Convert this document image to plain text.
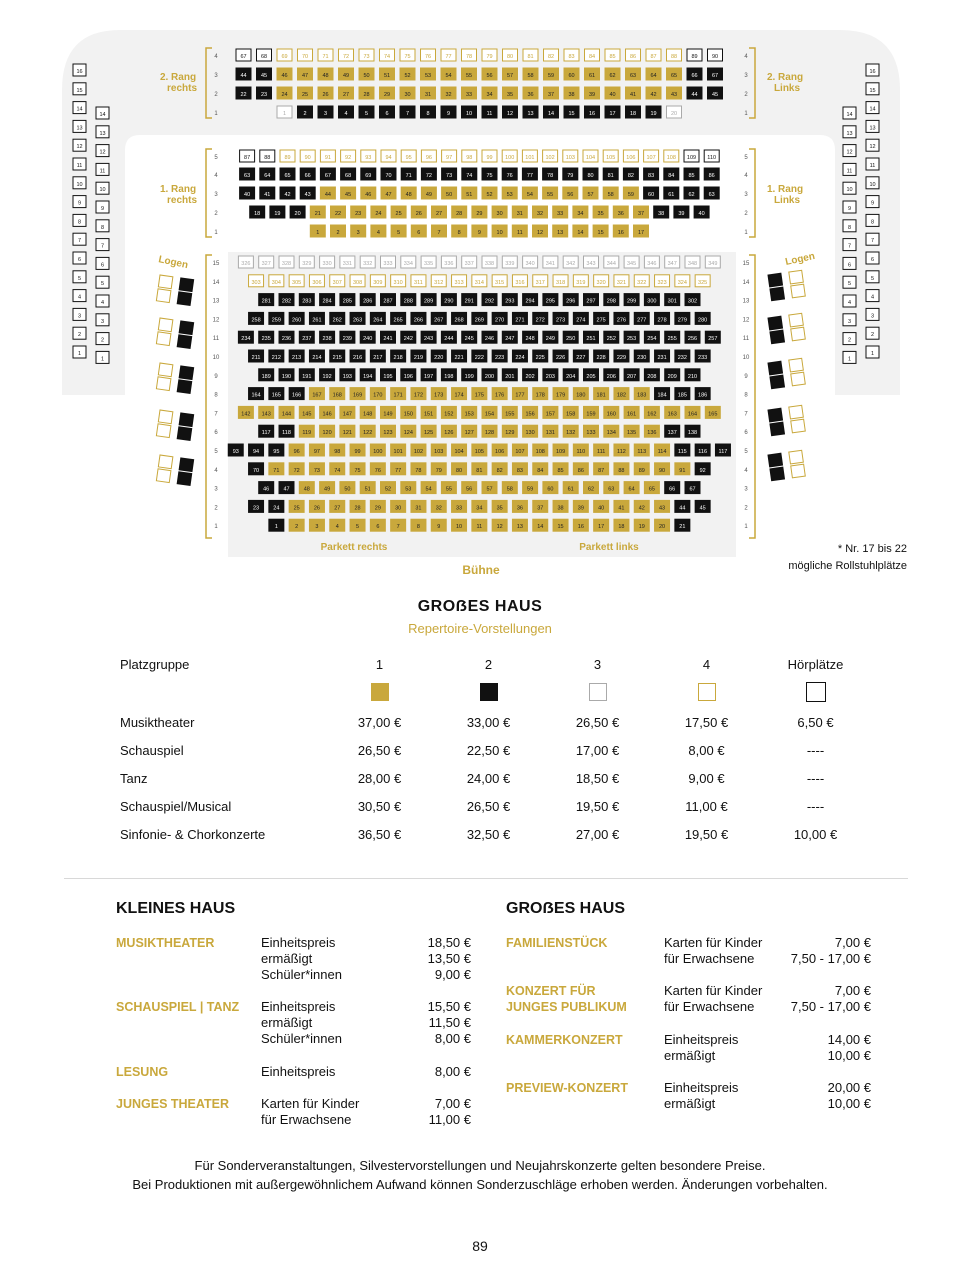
67	68	69	70	71	72	73	74	75	76	77	78	79	80	81	82	83	84	85	86	87	88	89	90
44	45	46	47	48	49	50	51	52	53	54	55	56	57	58	59	60	61	62	63	64	65	66	67
22	23	24	25	26	27	28	29	30	31	32	33	34	35	36	37	38	39	40	41	42	43	44	45
1	2	3	4	5	6	7	8	9	10	11	12	13	14	15	16	17	18	19	20
87	88	89	90	91	92	93	94	95	96	97	98	99 100 101 102 103 104 105 106 107 108 109 110
63	64	65	66	67	68	69	70	71	72	73	74	75	76	77	78	79	80	81	82	83	84	85	86
40	41	42	43	44	45	46	47	48	49	50	51	52	53	54	55	56	57	58	59	60	61	62	63
18	19	20	21	22	23	24	25	26	27	28	29	30	31	32	33	34	35	36	37	38	39	40
1	2	3	4	5	6	7	8	9	10	11	12	13	14	15	16	17
326 327 328 329 330 331 332 333 334 335 336 337 338 339 340 341 342 343 344 345 346 347 348 349
303 304 305 306 307 308 309 310 311 312 313 314 315 316 317 318 319 320 321 322 323 324 325
281 282 283 284 285 286 287 288 289 290 291 292 293 294 295 296 297 298 299 300 301 302
258 259 260 261 262 263 264 265 266 267 268 269 270 271 272 273 274 275 276 277 278 279 280
234 235 236 237 238 239 240 241 242 243 244 245 246 247 248 249 250 251 252 253 254 255 256 257
211 212 213 214 215 216 217 218 219 220 221 222 223 224 225 226 227 228 229 230 231 232 233
189 190 191 192 193 194 195 196 197 198 199 200 201 202 203 204 205 206 207 208 209 210
164 165 166 167 168 169 170 171 172 173 174 175 176 177 178 179 180 181 182 183 184 185 186
142 143 144 145 146 147 148 149 150 151 152 153 154 155 156 157 158 159 160 161 162 163 164 165
117 118 119 120 121 122 123 124 125 126 127 128 129 130 131 132 133 134 135 136 137 138
93	94	95	96	97	98	99 100 101 102 103 104 105 106 107 108 109 110 111 112 113 114 115 116 117
70	71	72	73	74	75	76	77	78	79	80	81	82	83	84	85	86	87	88	89	90	91	92
46	47	48	49	50	51	52	53	54	55	56	57	58	59	60	61	62	63	64	65	66	67
23	24	25	26	27	28	29	30	31	32	33	34	35	36	37	38	39	40	41	42	43	44	45
1	2	3	4	5	6	7	8	9	10	11	12	13	14	15	16	17	18	19	20	21
16
15
14
13
12
11
10
9
8
7
6
5
4
3
2
1
14
13
12
11
10
9
8
7
6
5
4
3
2
1
16
15
14
13
12
11
10
9
8
7
6
5
4
3
2
1
14
13
12
11
10
9
8
7
6
5
4
3
2
1
4	4
3	3
2	2
1	1
5	5
4	4
3	3
2	2
1	1
15	15
14	14
13	13
12	12
11	11
10	10
9	9
8	8
7	7
6	6
5	5
4	4
3	3
2	2
1	1
2. Rang rechts
2. Rang Links
1. Rang rechts
1. Rang Links
Logen	Logen
Parkett rechts	Parkett links
Bühne
* Nr. 17 bis 22
mögliche Rollstuhlplätze
GROẞES HAUS
Repertoire-Vorstellungen
Platzgruppe	1	2	3	4	Hörplätze

Musiktheater	37,00 €	33,00 €	26,50 €	17,50 €	6,50 €
Schauspiel	26,50 €	22,50 €	17,00 €	8,00 €	----
Tanz	28,00 €	24,00 €	18,50 €	9,00 €	----
Schauspiel/Musical	30,50 €	26,50 €	19,50 €	11,00 €	----
Sinfonie- & Chorkonzerte	36,50 €	32,50 €	27,00 €	19,50 €	10,00 €
KLEINES HAUS
MUSIKTHEATER	Einheitspreis	18,50 €
ermäßigt	13,50 €
Schüler*innen	9,00 €
SCHAUSPIEL | TANZ Einheitspreis	15,50 €
ermäßigt	11,50 €
Schüler*innen	8,00 €
LESUNG	Einheitspreis	8,00 €
JUNGES THEATER Karten für Kinder	7,00 €
für Erwachsene	11,00 €
GROẞES HAUS
FAMILIENSTÜCK	Karten für Kinder	7,00 €
für Erwachsene	7,50 - 17,00 €
KONZERT FÜR
JUNGES PUBLIKUM
Karten für Kinder	7,00 €
für Erwachsene	7,50 - 17,00 €
KAMMERKONZERT	Einheitspreis	14,00 €
ermäßigt	10,00 €
PREVIEW-KONZERT	Einheitspreis	20,00 €
ermäßigt	10,00 €
Für Sonderveranstaltungen, Silvestervorstellungen und Neujahrskonzerte gelten besondere Preise.
Bei Produktionen mit außergewöhnlichem Aufwand können Sonderzuschläge erhoben werden. Änderungen vorbehalten.
89
